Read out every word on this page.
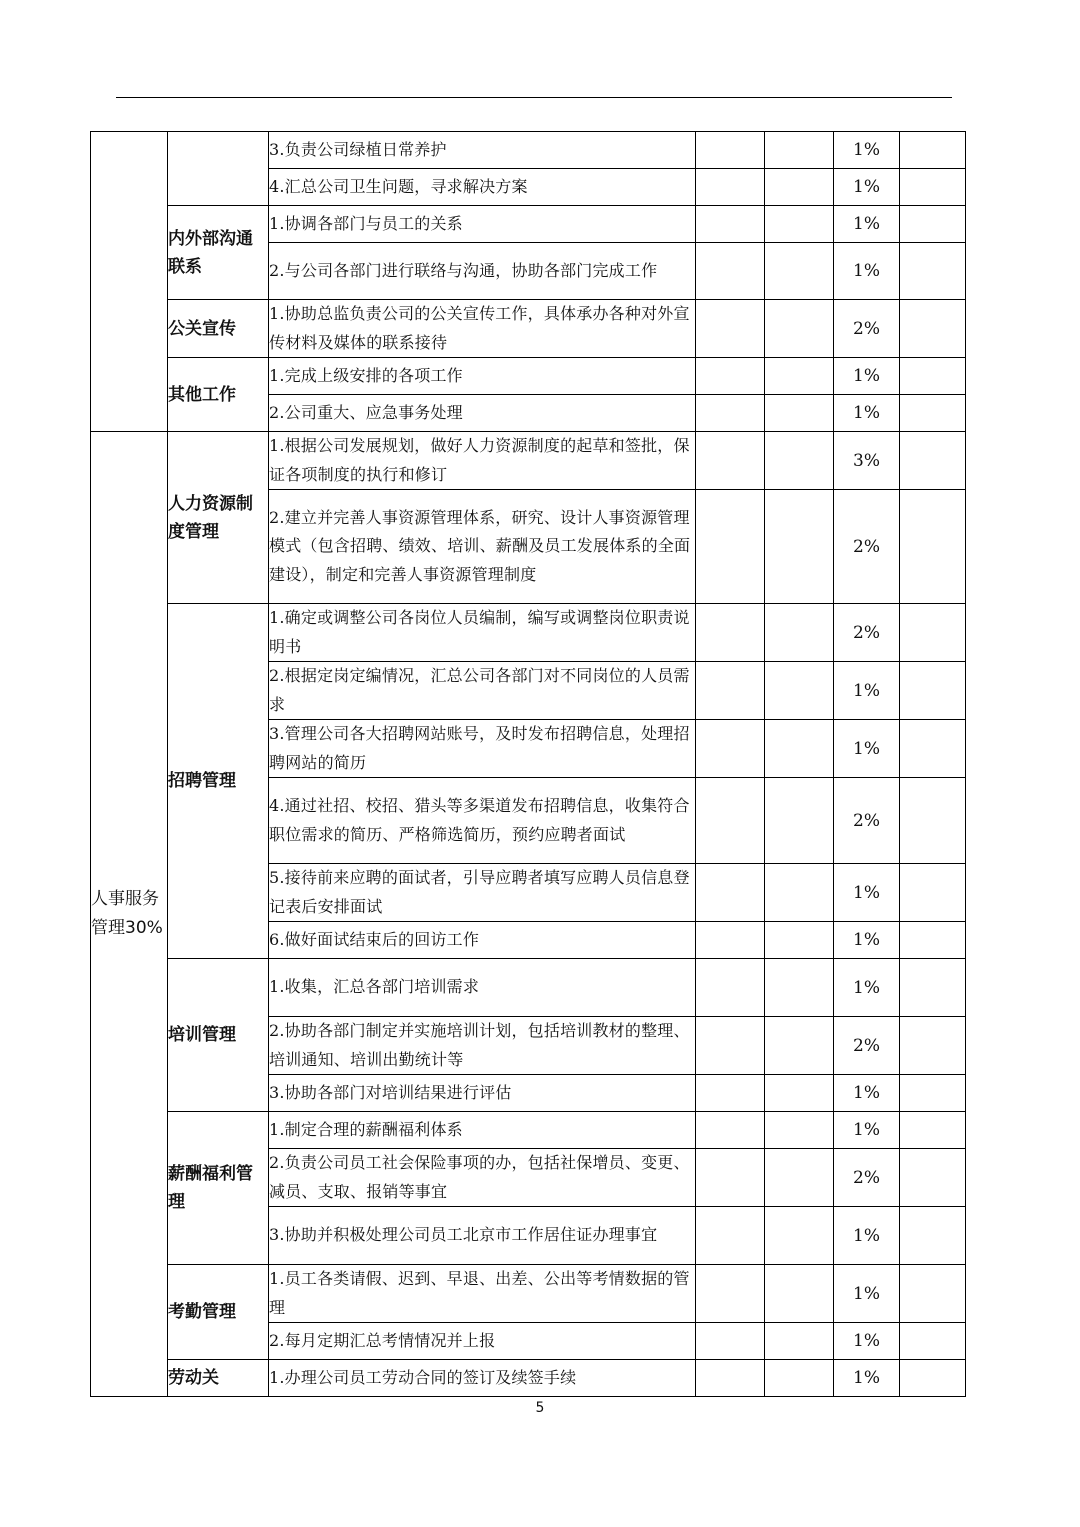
		3.负责公司绿植日常养护			1%	
		4.汇总公司卫生问题，寻求解决方案			1%	
	内外部沟通联系	1.协调各部门与员工的关系			1%	
		2.与公司各部门进行联络与沟通，协助各部门完成工作			1%	
	公关宣传	1.协助总监负责公司的公关宣传工作，具体承办各种对外宣传材料及媒体的联系接待			2%	
	其他工作	1.完成上级安排的各项工作			1%	
		2.公司重大、应急事务处理			1%	
人事服务管理30%	人力资源制度管理	1.根据公司发展规划，做好人力资源制度的起草和签批，保证各项制度的执行和修订			3%	
		2.建立并完善人事资源管理体系，研究、设计人事资源管理模式（包含招聘、绩效、培训、薪酬及员工发展体系的全面建设），制定和完善人事资源管理制度			2%	
	招聘管理	1.确定或调整公司各岗位人员编制，编写或调整岗位职责说明书			2%	
		2.根据定岗定编情况，汇总公司各部门对不同岗位的人员需求			1%	
		3.管理公司各大招聘网站账号，及时发布招聘信息，处理招聘网站的简历			1%	
		4.通过社招、校招、猎头等多渠道发布招聘信息，收集符合职位需求的简历、严格筛选简历，预约应聘者面试			2%	
		5.接待前来应聘的面试者，引导应聘者填写应聘人员信息登记表后安排面试			1%	
		6.做好面试结束后的回访工作			1%	
	培训管理	1.收集，汇总各部门培训需求			1%	
		2.协助各部门制定并实施培训计划，包括培训教材的整理、培训通知、培训出勤统计等			2%	
		3.协助各部门对培训结果进行评估			1%	
	薪酬福利管理	1.制定合理的薪酬福利体系			1%	
		2.负责公司员工社会保险事项的办，包括社保增员、变更、减员、支取、报销等事宜			2%	
		3.协助并积极处理公司员工北京市工作居住证办理事宜			1%	
	考勤管理	1.员工各类请假、迟到、早退、出差、公出等考情数据的管理			1%	
		2.每月定期汇总考情情况并上报			1%	
	劳动关	1.办理公司员工劳动合同的签订及续签手续			1%	
5
